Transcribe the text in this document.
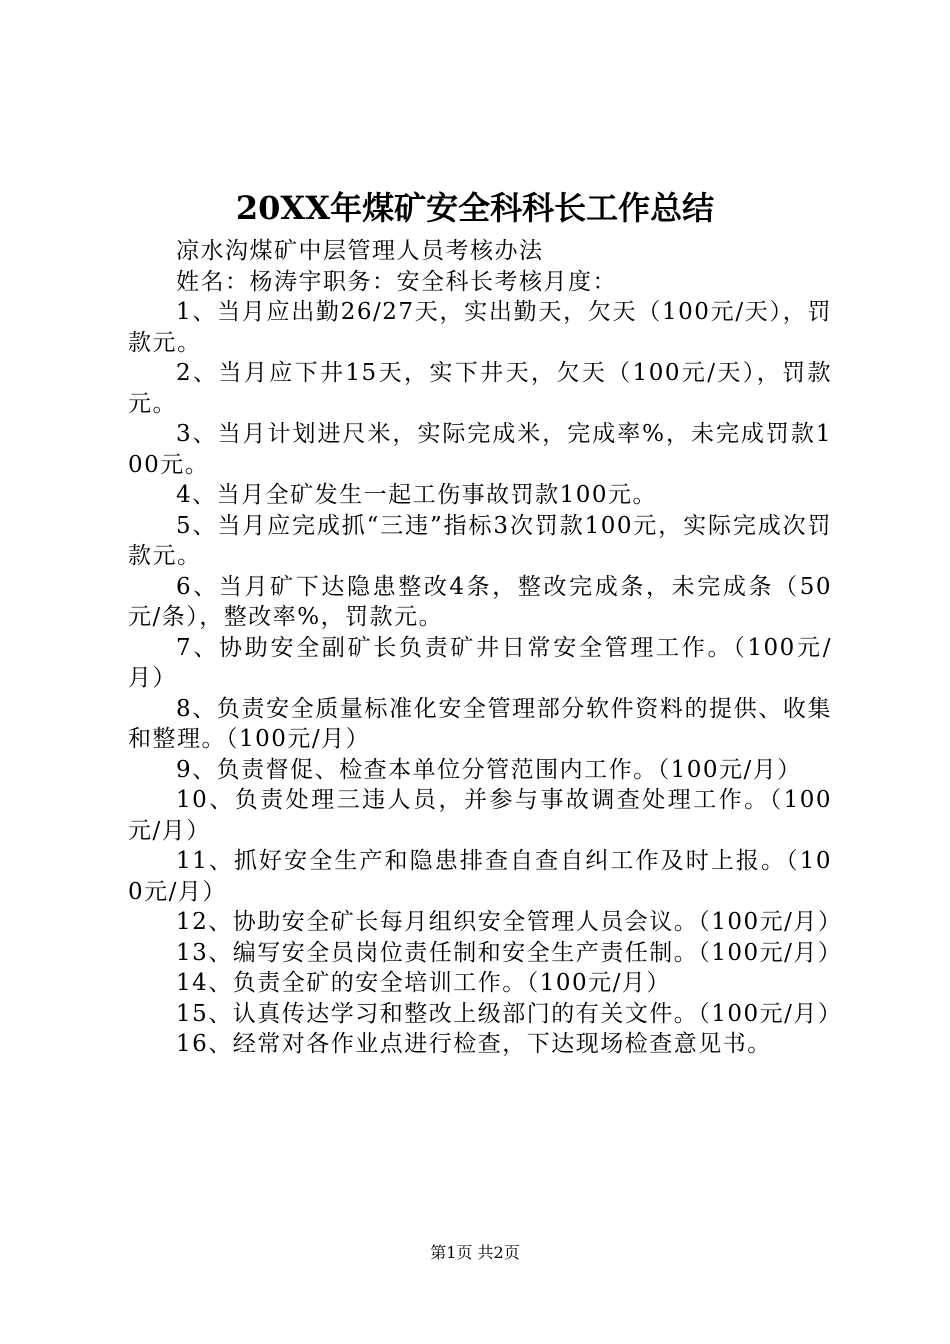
20XX年煤矿安全科科长工作总结

凉水沟煤矿中层管理人员考核办法

姓名：杨涛宇职务：安全科长考核月度：

1、当月应出勤26/27天，实出勤天，欠天（100元/天），罚款元。

2、当月应下井15天，实下井天，欠天（100元/天），罚款元。

3、当月计划进尺米，实际完成米，完成率%，未完成罚款100元。

4、当月全矿发生一起工伤事故罚款100元。

5、当月应完成抓“三违”指标3次罚款100元，实际完成次罚款元。

6、当月矿下达隐患整改4条，整改完成条，未完成条（50元/条），整改率%，罚款元。

7、协助安全副矿长负责矿井日常安全管理工作。（100元/月）

8、负责安全质量标准化安全管理部分软件资料的提供、收集和整理。（100元/月）

9、负责督促、检查本单位分管范围内工作。（100元/月）

10、负责处理三违人员，并参与事故调查处理工作。（100元/月）

11、抓好安全生产和隐患排查自查自纠工作及时上报。（100元/月）

12、协助安全矿长每月组织安全管理人员会议。（100元/月）

13、编写安全员岗位责任制和安全生产责任制。（100元/月）

14、负责全矿的安全培训工作。（100元/月）

15、认真传达学习和整改上级部门的有关文件。（100元/月）

16、经常对各作业点进行检查，下达现场检查意见书。

第1页 共2页
